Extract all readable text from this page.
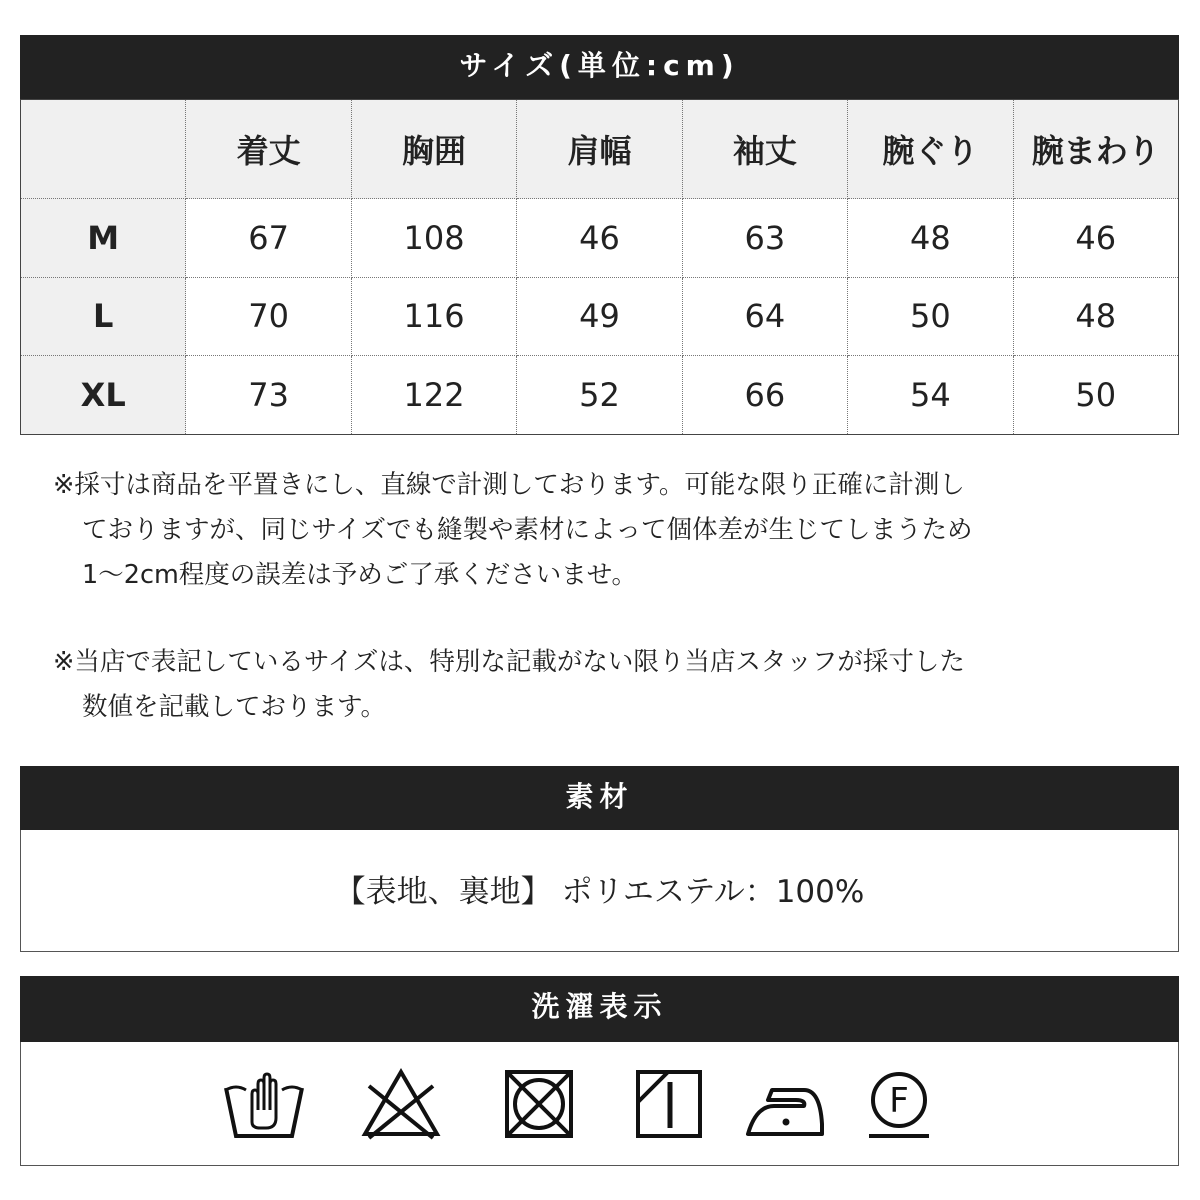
サイズ(単位:cm)
	着丈	胸囲	肩幅	袖丈	腕ぐり	腕まわり
M	67	108	46	63	48	46
L	70	116	49	64	50	48
XL	73	122	52	66	54	50
※採寸は商品を平置きにし、直線で計測しております。可能な限り正確に計測し
ておりますが、同じサイズでも縫製や素材によって個体差が生じてしまうため
1～2cm程度の誤差は予めご了承くださいませ。
※当店で表記しているサイズは、特別な記載がない限り当店スタッフが採寸した
数値を記載しております。
素材
【表地、裏地】 ポリエステル：100%
洗濯表示
F
